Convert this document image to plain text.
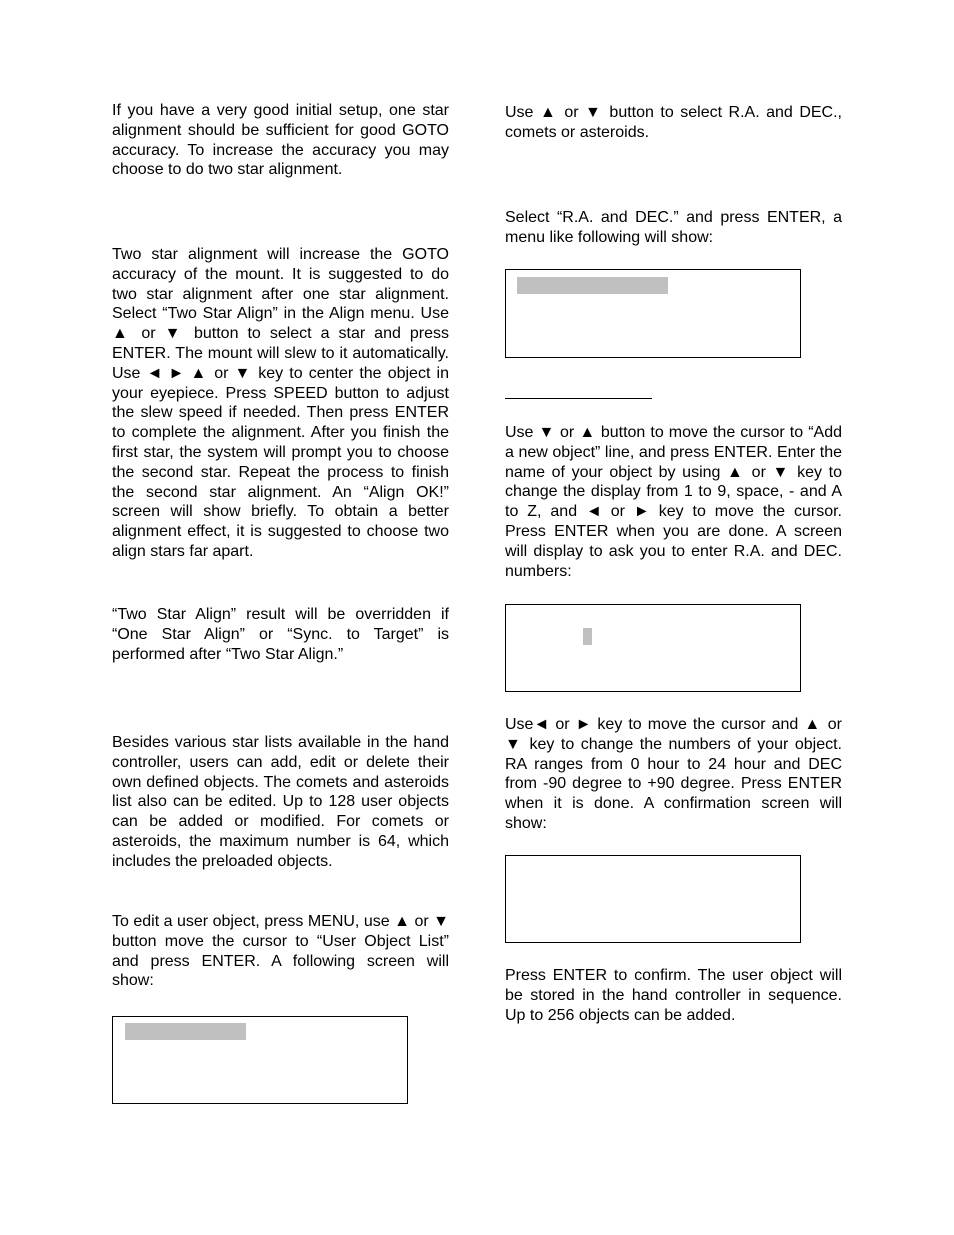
If you have a very good initial setup, one star alignment should be sufficient for good GOTO accuracy. To increase the accuracy you may choose to do two star alignment.

Two star alignment will increase the GOTO accuracy of the mount. It is suggested to do two star alignment after one star alignment. Select “Two Star Align” in the Align menu. Use ▲ or ▼ button to select a star and press ENTER. The mount will slew to it automatically. Use ◄ ► ▲ or ▼ key to center the object in your eyepiece. Press SPEED button to adjust the slew speed if needed. Then press ENTER to complete the alignment. After you finish the first star, the system will prompt you to choose the second star. Repeat the process to finish the second star alignment. An “Align OK!” screen will show briefly. To obtain a better alignment effect, it is suggested to choose two align stars far apart.

“Two Star Align” result will be overridden if “One Star Align” or “Sync. to Target” is performed after “Two Star Align.”

Besides various star lists available in the hand controller, users can add, edit or delete their own defined objects. The comets and asteroids list also can be edited. Up to 128 user objects can be added or modified. For comets or asteroids, the maximum number is 64, which includes the preloaded objects.

To edit a user object, press MENU, use ▲ or ▼ button move the cursor to “User Object List” and press ENTER. A following screen will show:

Use ▲ or ▼ button to select R.A. and DEC., comets or asteroids.

Select “R.A. and DEC.” and press ENTER, a menu like following will show:

Use ▼ or ▲ button to move the cursor to “Add a new object” line, and press ENTER. Enter the name of your object by using ▲ or ▼ key to change the display from 1 to 9, space, - and A to Z, and ◄ or ► key to move the cursor. Press ENTER when you are done. A screen will display to ask you to enter R.A. and DEC. numbers:

Use◄ or ► key to move the cursor and ▲ or ▼ key to change the numbers of your object. RA ranges from 0 hour to 24 hour and DEC from -90 degree to +90 degree. Press ENTER when it is done. A confirmation screen will show:

Press ENTER to confirm. The user object will be stored in the hand controller in sequence. Up to 256 objects can be added.
